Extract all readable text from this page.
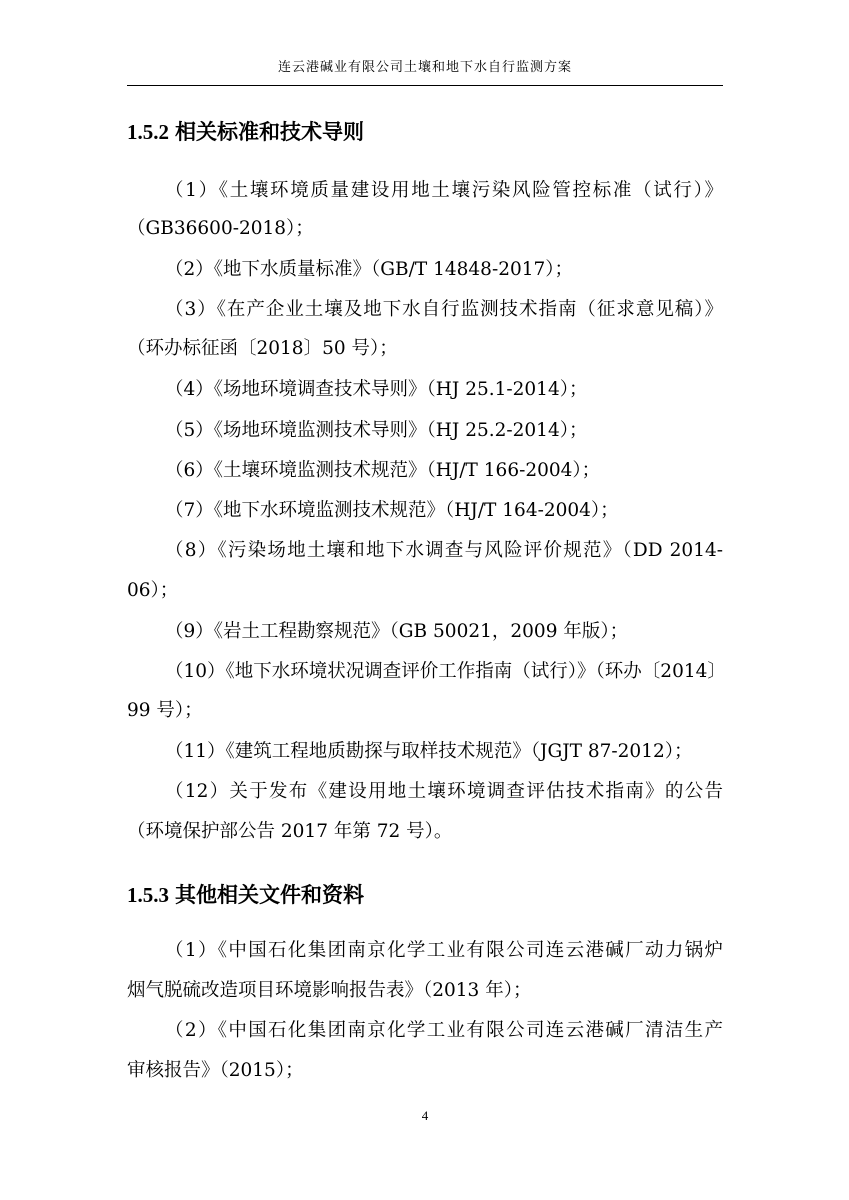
连云港碱业有限公司土壤和地下水自行监测方案
1.5.2 相关标准和技术导则
（1）《土壤环境质量建设用地土壤污染风险管控标准（试行）》
（GB36600-2018）；
（2）《地下水质量标准》（GB/T 14848-2017）；
（3）《在产企业土壤及地下水自行监测技术指南（征求意见稿）》
（环办标征函〔2018〕50 号）；
（4）《场地环境调查技术导则》（HJ 25.1-2014）；
（5）《场地环境监测技术导则》（HJ 25.2-2014）；
（6）《土壤环境监测技术规范》（HJ/T 166-2004）；
（7）《地下水环境监测技术规范》（HJ/T 164-2004）；
（8）《污染场地土壤和地下水调查与风险评价规范》（DD 2014-
06）；
（9）《岩土工程勘察规范》（GB 50021，2009 年版）；
（10）《地下水环境状况调查评价工作指南（试行）》（环办〔2014〕
99 号）；
（11）《建筑工程地质勘探与取样技术规范》（JGJT 87-2012）；
（12）关于发布《建设用地土壤环境调查评估技术指南》的公告
（环境保护部公告 2017 年第 72 号）。
1.5.3 其他相关文件和资料
（1）《中国石化集团南京化学工业有限公司连云港碱厂动力锅炉
烟气脱硫改造项目环境影响报告表》（2013 年）；
（2）《中国石化集团南京化学工业有限公司连云港碱厂清洁生产
审核报告》（2015）；
4
